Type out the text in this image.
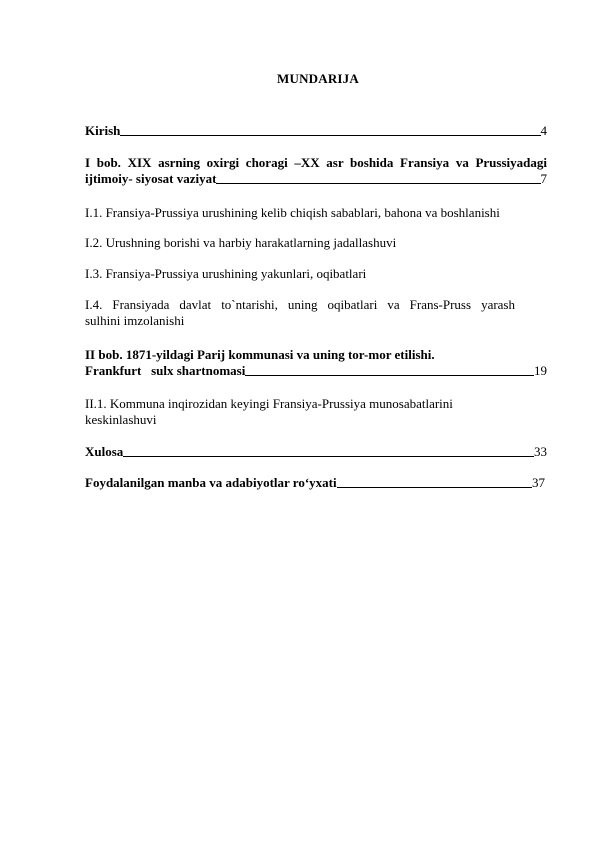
MUNDARIJA
Kirish	4
I bob. XIX asrning oxirgi choragi –XX asr boshida Fransiya va Prussiyadagi
ijtimoiy- siyosat vaziyat	7
I.1. Fransiya-Prussiya urushining kelib chiqish sabablari, bahona va boshlanishi
I.2. Urushning borishi va harbiy harakatlarning jadallashuvi
I.3. Fransiya-Prussiya urushining yakunlari, oqibatlari
I.4. Fransiyada davlat to`ntarishi, uning oqibatlari va Frans-Pruss yarash
sulhini imzolanishi
II bob. 1871-yildagi Parij kommunasi va uning tor-mor etilishi.
Frankfurt   sulx shartnomasi	19
II.1. Kommuna inqirozidan keyingi Fransiya-Prussiya munosabatlarini
keskinlashuvi
Xulosa	33
Foydalanilgan manba va adabiyotlar ro‘yxati	37
